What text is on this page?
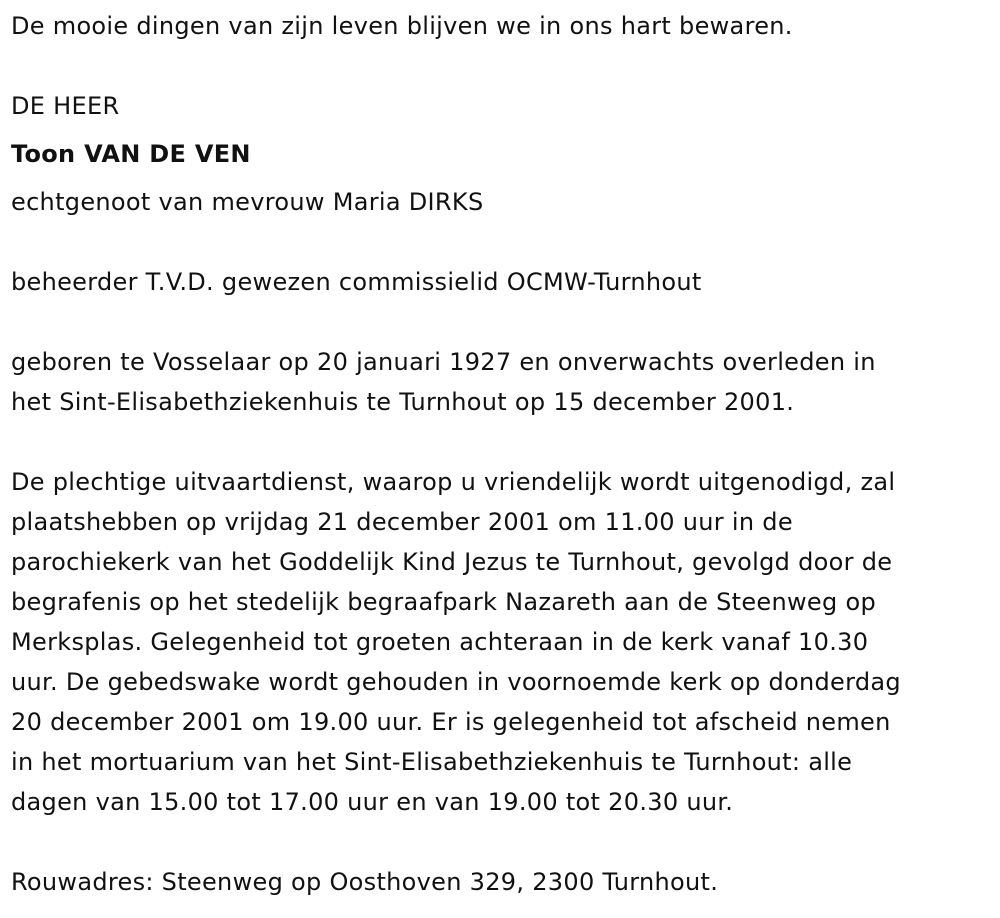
De mooie dingen van zijn leven blijven we in ons hart bewaren.
DE HEER
Toon VAN DE VEN
echtgenoot van mevrouw Maria DIRKS
beheerder T.V.D. gewezen commissielid OCMW-Turnhout
geboren te Vosselaar op 20 januari 1927 en onverwachts overleden in
het Sint-Elisabethziekenhuis te Turnhout op 15 december 2001.
De plechtige uitvaartdienst, waarop u vriendelijk wordt uitgenodigd, zal
plaatshebben op vrijdag 21 december 2001 om 11.00 uur in de
parochiekerk van het Goddelijk Kind Jezus te Turnhout, gevolgd door de
begrafenis op het stedelijk begraafpark Nazareth aan de Steenweg op
Merksplas. Gelegenheid tot groeten achteraan in de kerk vanaf 10.30
uur. De gebedswake wordt gehouden in voornoemde kerk op donderdag
20 december 2001 om 19.00 uur. Er is gelegenheid tot afscheid nemen
in het mortuarium van het Sint-Elisabethziekenhuis te Turnhout: alle
dagen van 15.00 tot 17.00 uur en van 19.00 tot 20.30 uur.
Rouwadres: Steenweg op Oosthoven 329, 2300 Turnhout.
